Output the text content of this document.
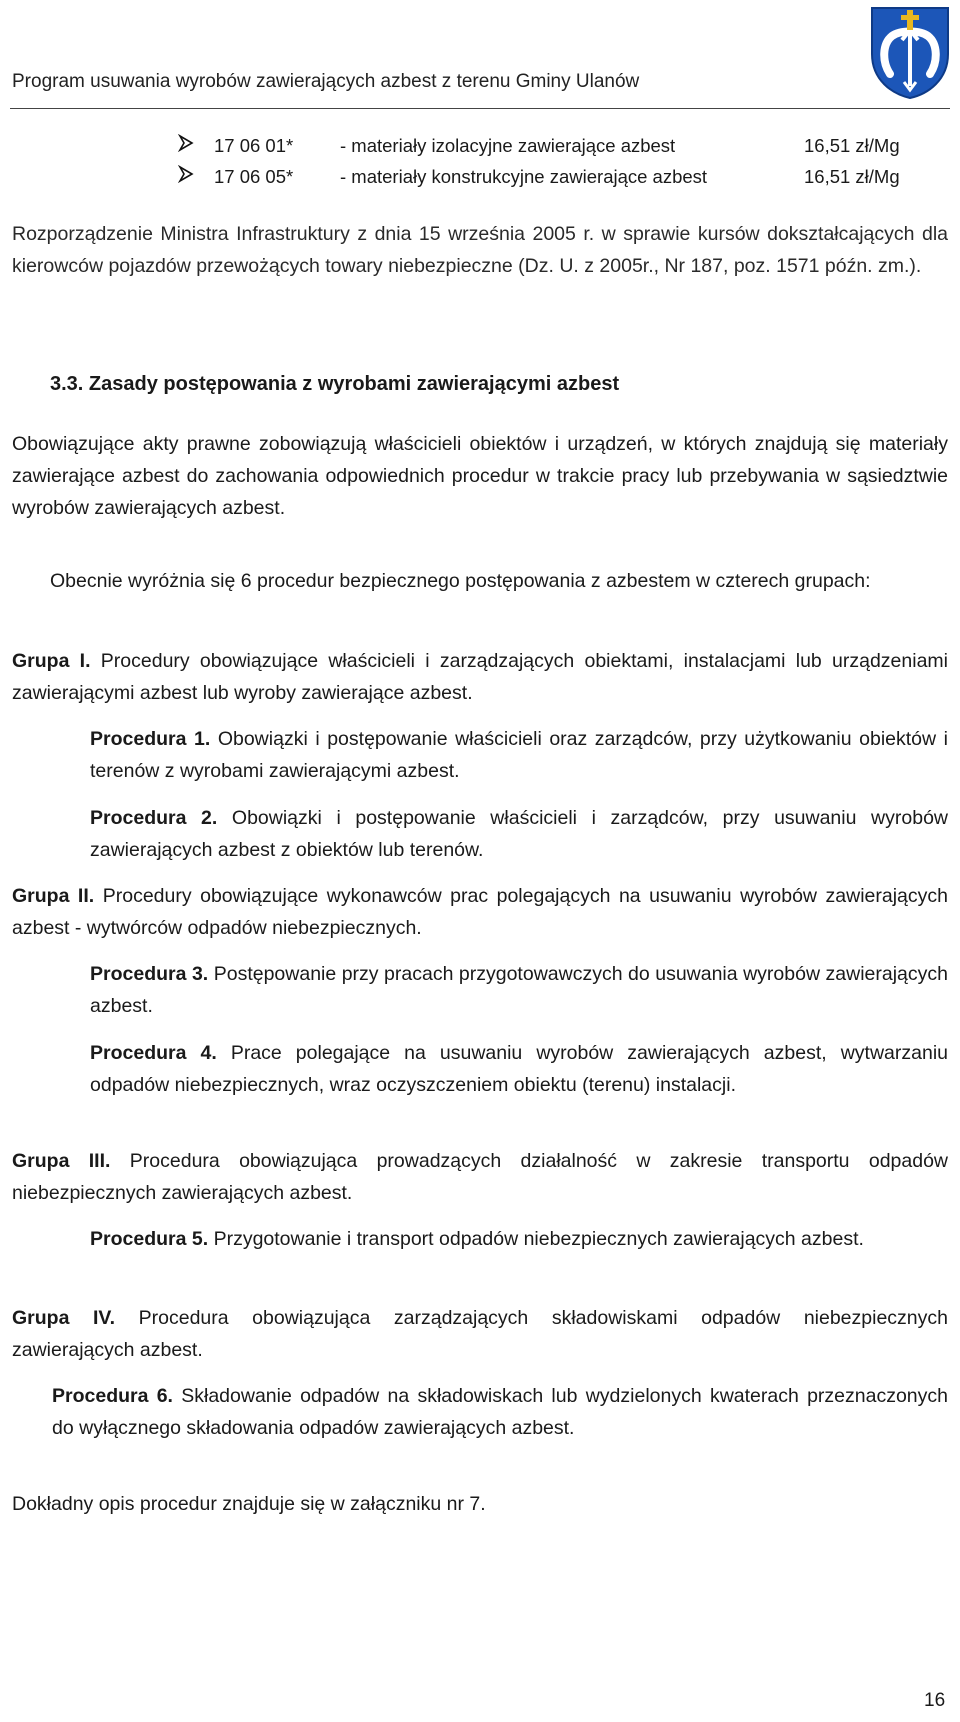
Program usuwania wyrobów zawierających azbest z terenu Gminy Ulanów
17 06 01*	- materiały izolacyjne zawierające azbest	16,51 zł/Mg
17 06 05*	- materiały konstrukcyjne zawierające azbest	16,51 zł/Mg
Rozporządzenie Ministra Infrastruktury z dnia 15 września 2005 r. w sprawie kursów dokształcających dla kierowców pojazdów przewożących towary niebezpieczne (Dz. U. z 2005r., Nr 187, poz. 1571 późn. zm.).
3.3. Zasady postępowania z wyrobami zawierającymi azbest
Obowiązujące akty prawne zobowiązują właścicieli obiektów i urządzeń, w których znajdują się materiały zawierające azbest do zachowania odpowiednich procedur w trakcie pracy lub przebywania w sąsiedztwie wyrobów zawierających azbest.
Obecnie wyróżnia się 6 procedur bezpiecznego postępowania z azbestem w czterech grupach:
Grupa I. Procedury obowiązujące właścicieli i zarządzających obiektami, instalacjami lub urządzeniami zawierającymi azbest lub wyroby zawierające azbest.
Procedura 1. Obowiązki i postępowanie właścicieli oraz zarządców, przy użytkowaniu obiektów i terenów z wyrobami zawierającymi azbest.
Procedura 2. Obowiązki i postępowanie właścicieli i zarządców, przy usuwaniu wyrobów zawierających azbest z obiektów lub terenów.
Grupa II. Procedury obowiązujące wykonawców prac polegających na usuwaniu wyrobów zawierających azbest - wytwórców odpadów niebezpiecznych.
Procedura 3. Postępowanie przy pracach przygotowawczych do usuwania wyrobów zawierających azbest.
Procedura 4. Prace polegające na usuwaniu wyrobów zawierających azbest, wytwarzaniu odpadów niebezpiecznych, wraz oczyszczeniem obiektu (terenu) instalacji.
Grupa III. Procedura obowiązująca prowadzących działalność w zakresie transportu odpadów niebezpiecznych zawierających azbest.
Procedura 5. Przygotowanie i transport odpadów niebezpiecznych zawierających azbest.
Grupa IV. Procedura obowiązująca zarządzających składowiskami odpadów niebezpiecznych zawierających azbest.
Procedura 6. Składowanie odpadów na składowiskach lub wydzielonych kwaterach przeznaczonych do wyłącznego składowania odpadów zawierających azbest.
Dokładny opis procedur znajduje się w załączniku nr 7.
16
